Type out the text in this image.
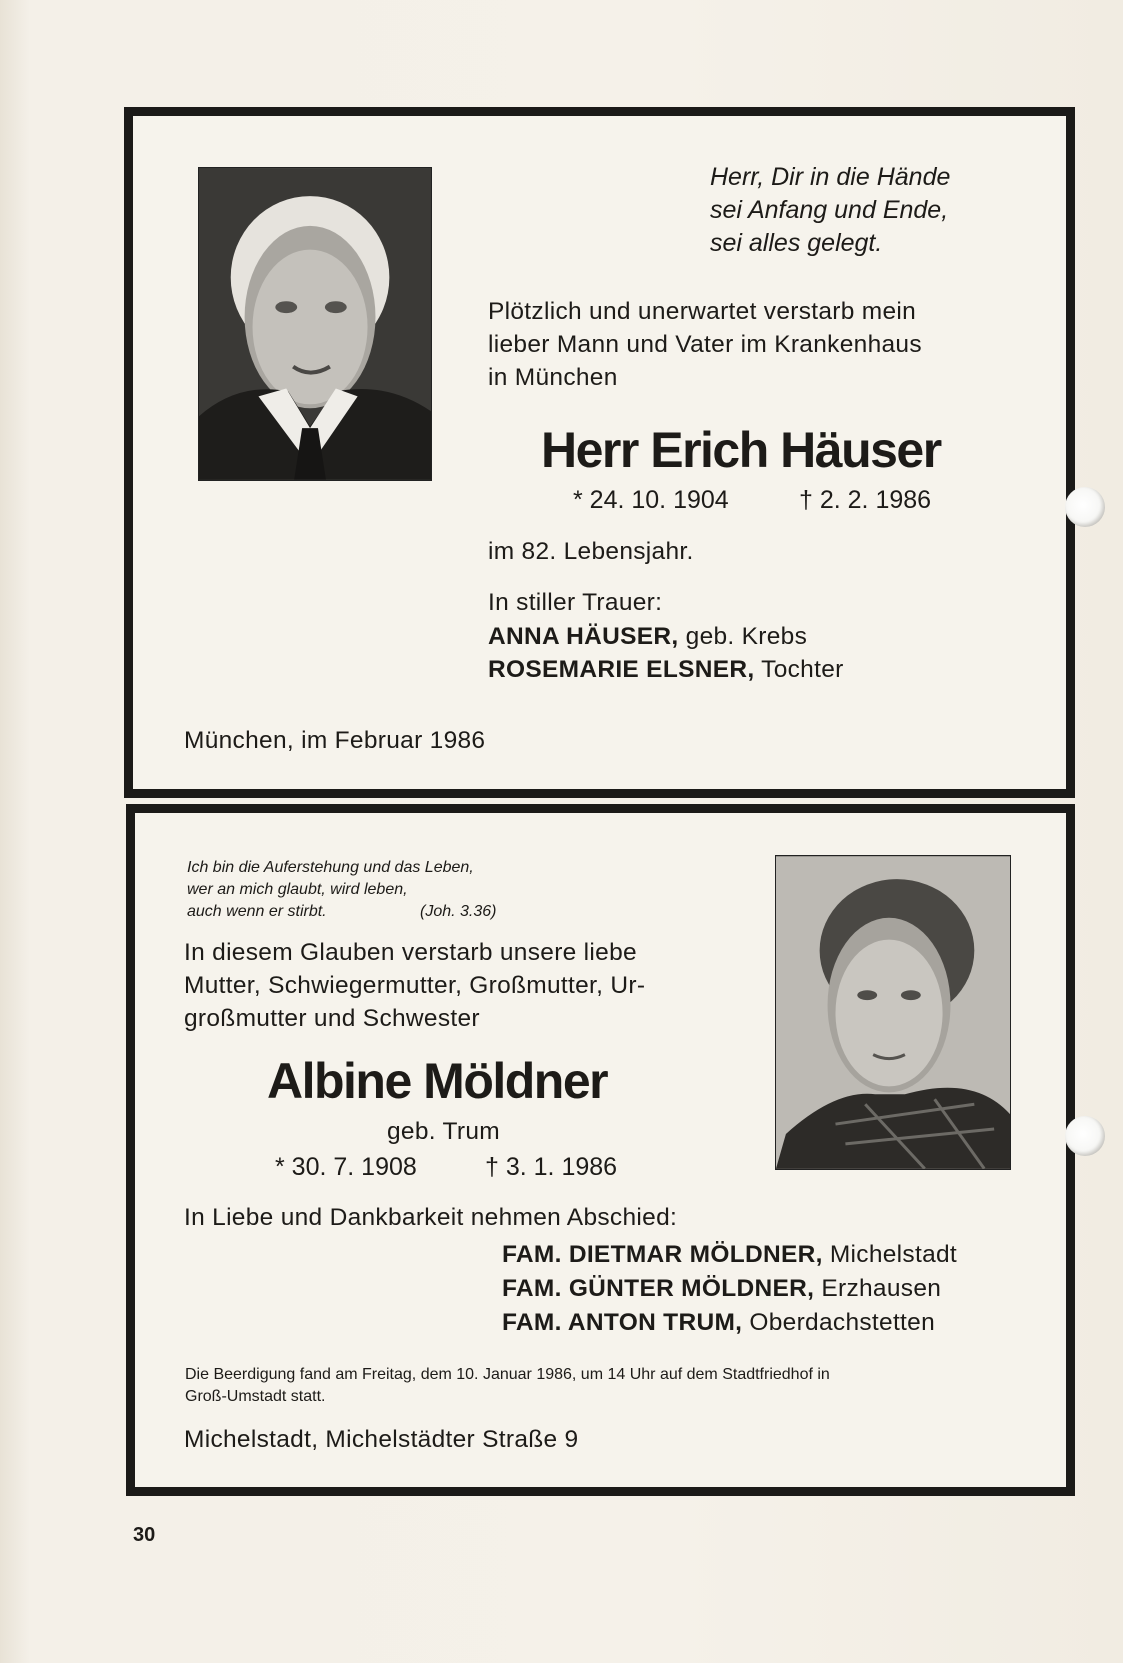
Herr, Dir in die Hände
sei Anfang und Ende,
sei alles gelegt.
Plötzlich und unerwartet verstarb mein
lieber Mann und Vater im Krankenhaus
in München
Herr Erich Häuser
* 24. 10. 1904	† 2. 2. 1986
im 82. Lebensjahr.
In stiller Trauer:
ANNA HÄUSER, geb. Krebs
ROSEMARIE ELSNER, Tochter
München, im Februar 1986
Ich bin die Auferstehung und das Leben,
wer an mich glaubt, wird leben,
auch wenn er stirbt.	(Joh. 3.36)
In diesem Glauben verstarb unsere liebe
Mutter, Schwiegermutter, Großmutter, Ur-
großmutter und Schwester
Albine Möldner
geb. Trum
* 30. 7. 1908	† 3. 1. 1986
In Liebe und Dankbarkeit nehmen Abschied:
FAM. DIETMAR MÖLDNER, Michelstadt
FAM. GÜNTER MÖLDNER, Erzhausen
FAM. ANTON TRUM, Oberdachstetten
Die Beerdigung fand am Freitag, dem 10. Januar 1986, um 14 Uhr auf dem Stadtfriedhof in
Groß-Umstadt statt.
Michelstadt, Michelstädter Straße 9
30
